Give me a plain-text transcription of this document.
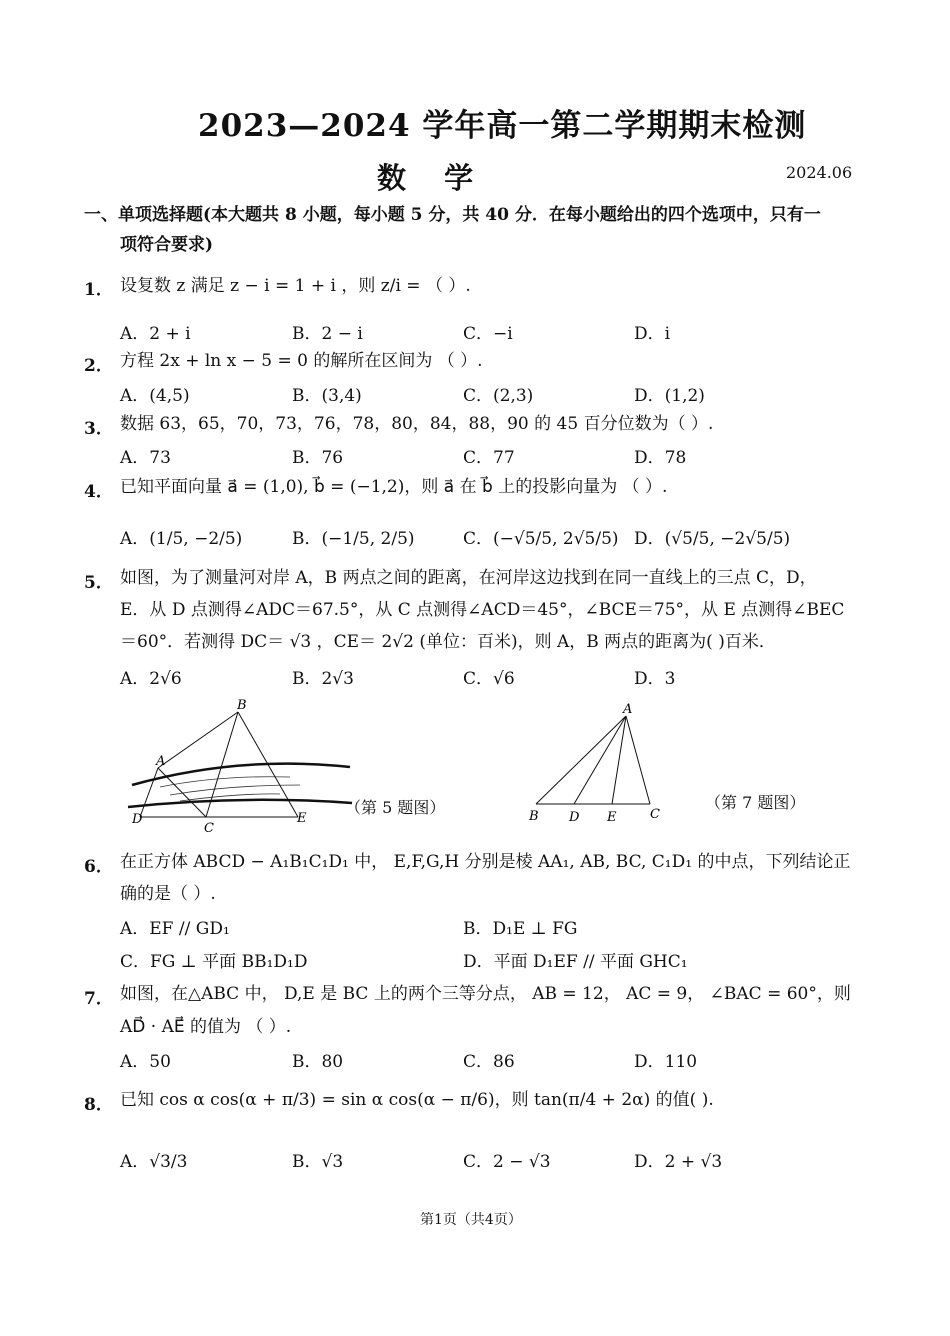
2023—2024 学年高一第二学期期末检测
数 学	2024.06
一、单项选择题(本大题共 8 小题，每小题 5 分，共 40 分．在每小题给出的四个选项中，只有一
项符合要求)
1． 设复数 z 满足 z − i = 1 + i ，则 z/i = （ ）.
A．2 + i	B．2 − i	C．−i	D．i
2． 方程 2x + ln x − 5 = 0 的解所在区间为 （ ）.
A．(4,5)	B．(3,4)	C．(2,3)	D．(1,2)
3． 数据 63，65，70，73，76，78，80，84，88，90 的 45 百分位数为（ ）.
A．73	B．76	C．77	D．78
4． 已知平面向量 a⃗ = (1,0), b⃗ = (−1,2)，则 a⃗ 在 b⃗ 上的投影向量为 （ ）.
A．(1/5, −2/5)	B．(−1/5, 2/5)	C．(−√5/5, 2√5/5) D．(√5/5, −2√5/5)
5． 如图，为了测量河对岸 A，B 两点之间的距离，在河岸这边找到在同一直线上的三点 C，D，
E．从 D 点测得∠ADC＝67.5°，从 C 点测得∠ACD＝45°，∠BCE＝75°，从 E 点测得∠BEC
＝60°．若测得 DC＝ √3 ，CE＝ 2√2 (单位：百米)，则 A，B 两点的距离为( )百米．
A．2√6	B．2√3	C．√6	D．3
B
A
D
C
E
（第 5 题图）
A
B D E	C
（第 7 题图）
6． 在正方体 ABCD − A₁B₁C₁D₁ 中， E,F,G,H 分别是棱 AA₁, AB, BC, C₁D₁ 的中点，下列结论正
确的是（ ）.
A．EF // GD₁	B．D₁E ⊥ FG
C．FG ⊥ 平面 BB₁D₁D	D．平面 D₁EF // 平面 GHC₁
7． 如图，在△ABC 中， D,E 是 BC 上的两个三等分点， AB = 12， AC = 9， ∠BAC = 60°，则
AD⃗ · AE⃗ 的值为 （ ）.
A．50	B．80	C．86	D．110
8． 已知 cos α cos(α + π/3) = sin α cos(α − π/6)，则 tan(π/4 + 2α) 的值( ).
A．√3/3	B．√3	C．2 − √3	D．2 + √3
第1页（共4页）
